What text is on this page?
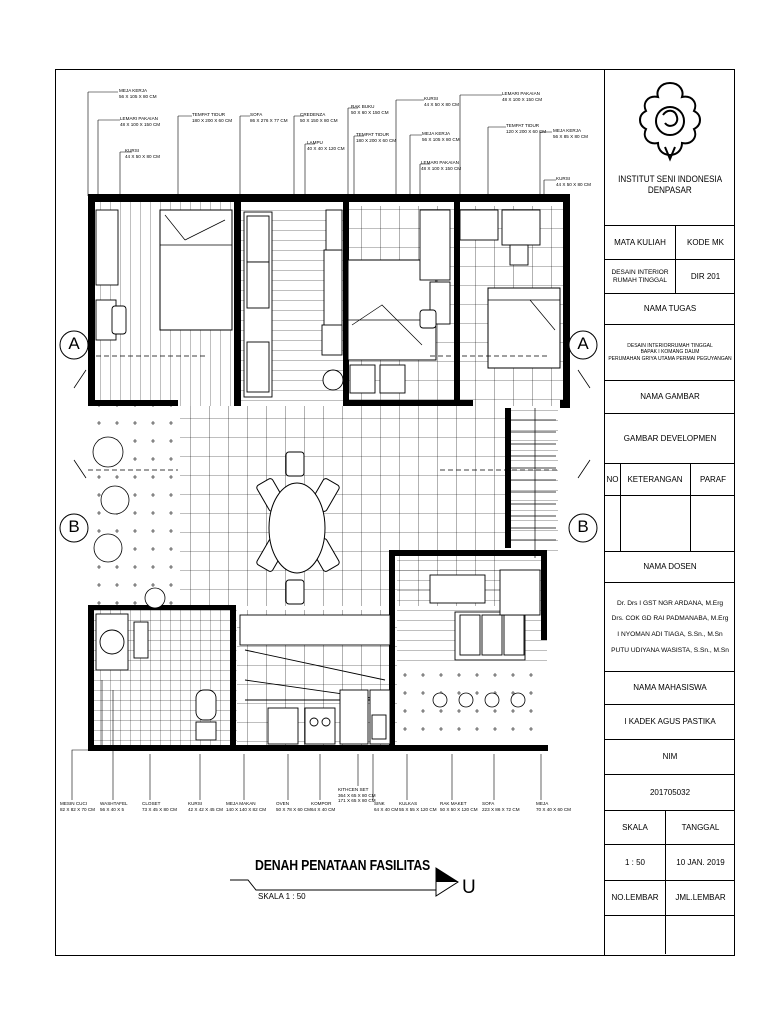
A	A
B	B
MEJA KERJA
56 X 105 X 80 CM
LEMARI PAKAIAN
48 X 100 X 150 CM
KURSI
44 X 50 X 80 CM
TEMPAT TIDUR
180 X 200 X 60 CM
SOFA
86 X 276 X 77 CM
CREDENZA
50 X 150 X 80 CM
LAMPU
40 X 40 X 120 CM
RAK BUKU
50 X 60 X 150 CM
TEMPAT TIDUR
180 X 200 X 60 CM
KURSI
44 X 50 X 80 CM
MEJA KERJA
56 X 105 X 80 CM
LEMARI PAKAIAN
48 X 100 X 150 CM
LEMARI PAKAIAN
48 X 100 X 150 CM
TEMPAT TIDUR
120 X 200 X 60 CM MEJA KERJA
56 X 85 X 80 CM
KURSI
44 X 50 X 80 CM
MESIN CUCI
82 X 82 X 70 CM
WASHTAFEL
56 X 40 X 5
CLOSET
73 X 45 X 80 CM
KURSI
42 X 42 X 45 CM
MEJA MAKAN
140 X 140 X 82 CM
OVEN
50 X 78 X 60 CM
KOMPOR
64 X 40 CM
KITHCEN SET
364 X 65 X 80 CM
171 X 65 X 80 CM
SINK
64 X 40 CM
KULKAS
55 X 55 X 120 CM
RAK MAKET
50 X 50 X 120 CM
SOFA
223 X 86 X 72 CM
MEJA
70 X 40 X 60 CM
DENAH PENATAAN FASILITAS
SKALA 1 : 50	U
INSTITUT SENI INDONESIA
DENPASAR
MATA KULIAH	KODE MK
DESAIN INTERIOR
RUMAH TINGGAL	DIR 201
NAMA TUGAS
DESAIN INTERIORRUMAH TINGGAL
BAPAK I KOMANG DAUM
PERUMAHAN GRIYA UTAMA PERMAI PEGUYANGAN
NAMA GAMBAR
GAMBAR DEVELOPMEN
NO	KETERANGAN	PARAF
NAMA DOSEN
Dr. Drs I GST NGR ARDANA, M.Erg
Drs. COK GD RAI PADMANABA, M.Erg
I NYOMAN ADI TIAGA, S.Sn., M.Sn
PUTU UDIYANA WASISTA, S.Sn., M.Sn
NAMA MAHASISWA
I KADEK AGUS PASTIKA
NIM
201705032
SKALA	TANGGAL
1 : 50	10 JAN. 2019
NO.LEMBAR	JML.LEMBAR
